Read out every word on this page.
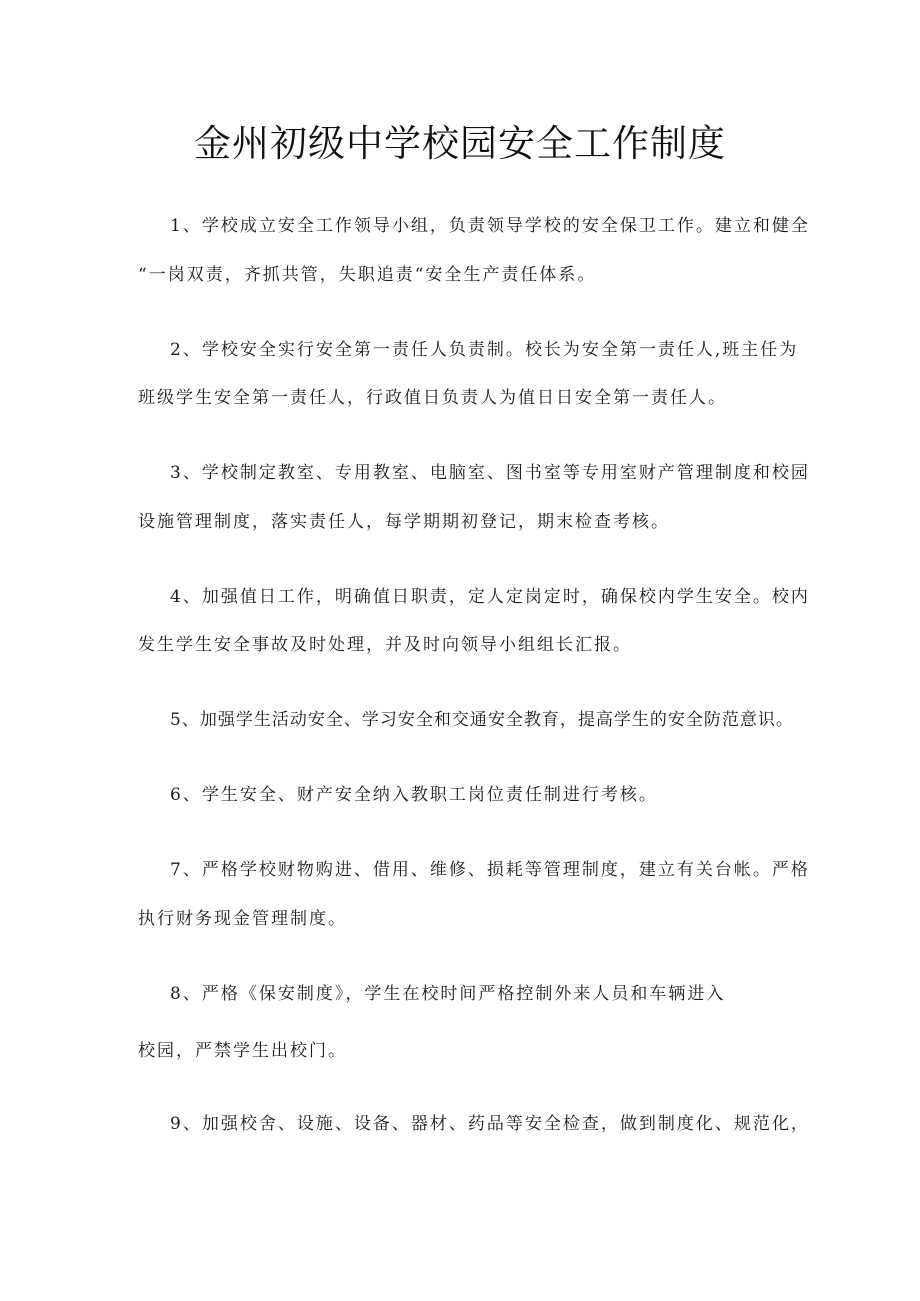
金州初级中学校园安全工作制度
1、学校成立安全工作领导小组，负责领导学校的安全保卫工作。建立和健全
“一岗双责，齐抓共管，失职追责“安全生产责任体系。
2、学校安全实行安全第一责任人负责制。校长为安全第一责任人,班主任为
班级学生安全第一责任人，行政值日负责人为值日日安全第一责任人。
3、学校制定教室、专用教室、电脑室、图书室等专用室财产管理制度和校园
设施管理制度，落实责任人，每学期期初登记，期末检查考核。
4、加强值日工作，明确值日职责，定人定岗定时，确保校内学生安全。校内
发生学生安全事故及时处理，并及时向领导小组组长汇报。
5、加强学生活动安全、学习安全和交通安全教育，提高学生的安全防范意识。
6、学生安全、财产安全纳入教职工岗位责任制进行考核。
7、严格学校财物购进、借用、维修、损耗等管理制度，建立有关台帐。严格
执行财务现金管理制度。
8、严格《保安制度》，学生在校时间严格控制外来人员和车辆进入
校园，严禁学生出校门。
9、加强校舍、设施、设备、器材、药品等安全检查，做到制度化、规范化，
